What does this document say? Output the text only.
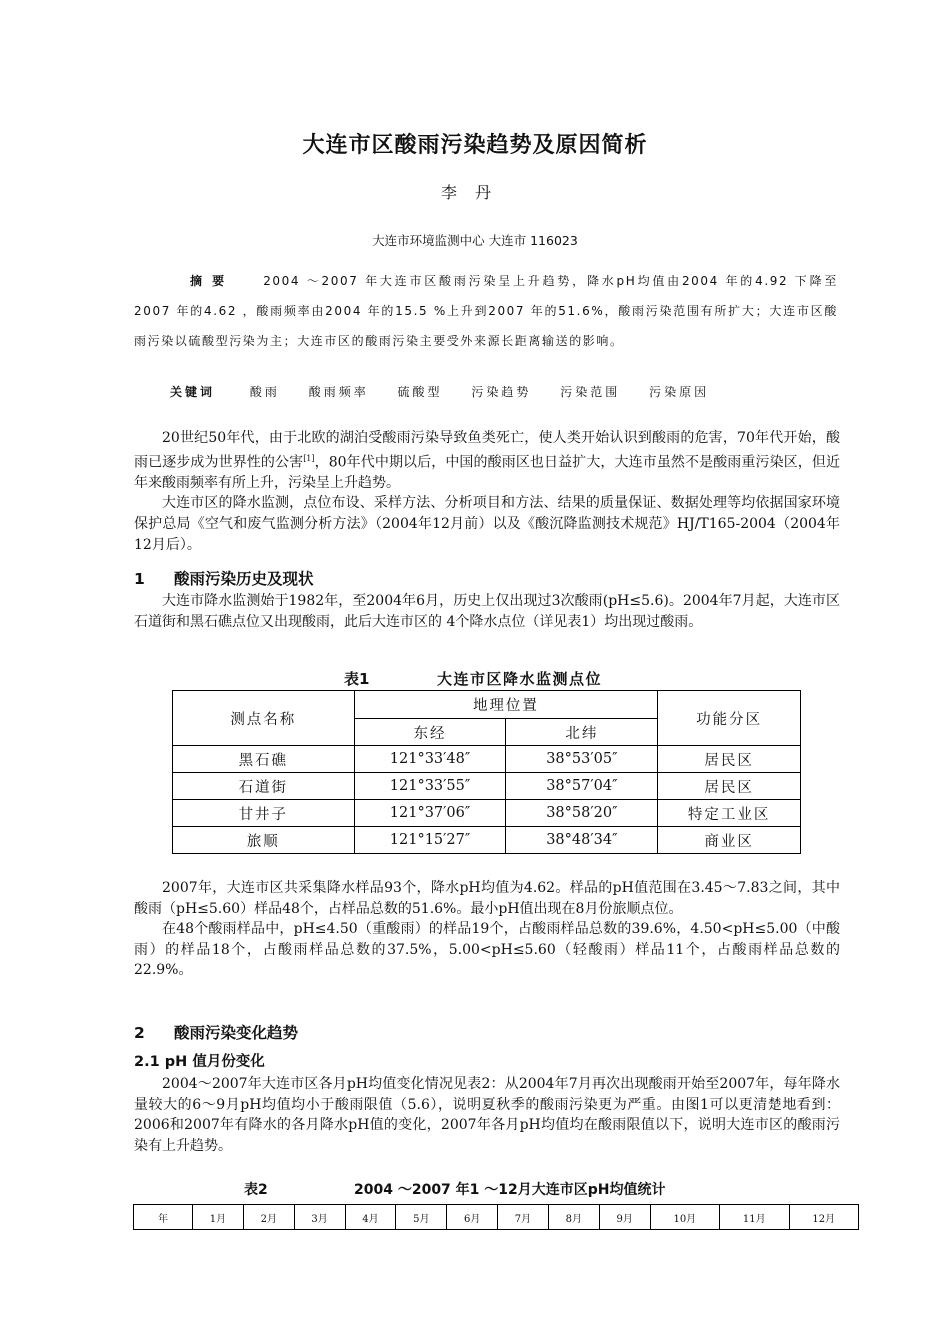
大连市区酸雨污染趋势及原因简析
李丹
大连市环境监测中心 大连市 116023
摘 要	2004 ～2007 年大连市区酸雨污染呈上升趋势，降水pH均值由2004 年的4.92 下降至2007 年的4.62 ，酸雨频率由2004 年的15.5 %上升到2007 年的51.6%，酸雨污染范围有所扩大；大连市区酸雨污染以硫酸型污染为主；大连市区的酸雨污染主要受外来源长距离输送的影响。
关键词	酸雨 酸雨频率 硫酸型 污染趋势 污染范围 污染原因

20世纪50年代，由于北欧的湖泊受酸雨污染导致鱼类死亡，使人类开始认识到酸雨的危害，70年代开始，酸雨已逐步成为世界性的公害[1]，80年代中期以后，中国的酸雨区也日益扩大，大连市虽然不是酸雨重污染区，但近年来酸雨频率有所上升，污染呈上升趋势。

大连市区的降水监测，点位布设、采样方法、分析项目和方法、结果的质量保证、数据处理等均依据国家环境保护总局《空气和废气监测分析方法》（2004年12月前）以及《酸沉降监测技术规范》HJ/T165-2004（2004年12月后）。

1 酸雨污染历史及现状

大连市降水监测始于1982年，至2004年6月，历史上仅出现过3次酸雨(pH≤5.6)。2004年7月起，大连市区石道街和黑石礁点位又出现酸雨，此后大连市区的 4个降水点位（详见表1）均出现过酸雨。

表1	大连市区降水监测点位
测点名称	地理位置		功能分区
	东经	北纬	
黑石礁	121°33′48″	38°53′05″	居民区
石道街	121°33′55″	38°57′04″	居民区
甘井子	121°37′06″	38°58′20″	特定工业区
旅顺	121°15′27″	38°48′34″	商业区

2007年，大连市区共采集降水样品93个，降水pH均值为4.62。样品的pH值范围在3.45～7.83之间，其中酸雨（pH≤5.60）样品48个，占样品总数的51.6%。最小pH值出现在8月份旅顺点位。

在48个酸雨样品中，pH≤4.50（重酸雨）的样品19个，占酸雨样品总数的39.6%，4.50<pH≤5.00（中酸雨）的样品18个，占酸雨样品总数的37.5%，5.00<pH≤5.60（轻酸雨）样品11个，占酸雨样品总数的22.9%。

2 酸雨污染变化趋势
2.1 pH 值月份变化

2004～2007年大连市区各月pH均值变化情况见表2：从2004年7月再次出现酸雨开始至2007年，每年降水量较大的6～9月pH均值均小于酸雨限值（5.6），说明夏秋季的酸雨污染更为严重。由图1可以更清楚地看到：2006和2007年有降水的各月降水pH值的变化，2007年各月pH均值均在酸雨限值以下，说明大连市区的酸雨污染有上升趋势。

表2	2004 ～2007 年1 ～12月大连市区pH均值统计
年	1月	2月	3月	4月	5月	6月	7月	8月	9月	10月	11月	12月
